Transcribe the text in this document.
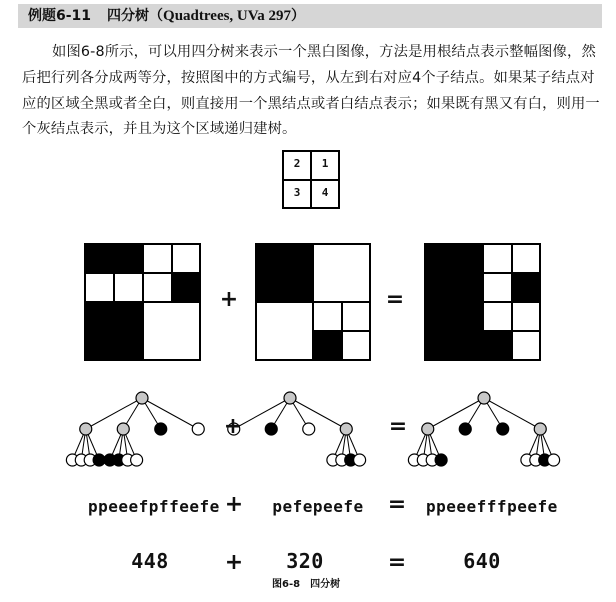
例题6-11 四分树（Quadtrees, UVa 297）
如图6-8所示，可以用四分树来表示一个黑白图像，方法是用根结点表示整幅图像，然后把行列各分成两等分，按照图中的方式编号，从左到右对应4个子结点。如果某子结点对应的区域全黑或者全白，则直接用一个黑结点或者白结点表示；如果既有黑又有白，则用一个灰结点表示，并且为这个区域递归建树。
2	1
3	4
+	=
+	=
ppeeefpffeefe +	pefepeefe =	ppeeefffpeefe
448	+	320	=	640
图6-8　四分树
